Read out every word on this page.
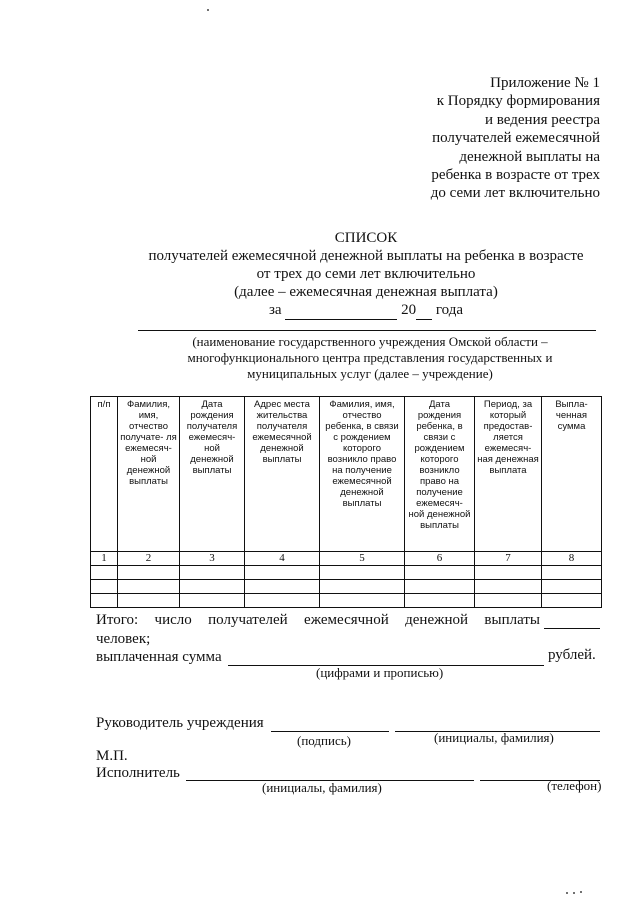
Приложение № 1
к Порядку формирования
и ведения реестра
получателей ежемесячной
денежной выплаты на
ребенка в возрасте от трех
до семи лет включительно
СПИСОК
получателей ежемесячной денежной выплаты на ребенка в возрасте
от трех до семи лет включительно
(далее – ежемесячная денежная выплата)
за	20 года
(наименование государственного учреждения Омской области –
многофункционального центра представления государственных и
муниципальных услуг (далее – учреждение)
п/п	Фамилия, имя, отчество получате- ля ежемесяч- ной денежной выплаты	Дата рождения получателя ежемесяч- ной денежной выплаты	Адрес места жительства получателя ежемесячной денежной выплаты	Фамилия, имя, отчество ребенка, в связи с рождением которого возникло право на получение ежемесячной денежной выплаты	Дата рождения ребенка, в связи с рождением которого возникло право на получение ежемесяч- ной денежной выплаты	Период, за который предостав- ляется ежемесяч- ная денежная выплата	Выпла- ченная сумма
1	2	3	4	5	6	7	8

Итого: число получателей ежемесячной денежной выплаты
человек;
выплаченная сумма	рублей.
(цифрами и прописью)
Руководитель учреждения
(подпись)	(инициалы, фамилия)
М.П.
Исполнитель
(инициалы, фамилия)	(телефон)
